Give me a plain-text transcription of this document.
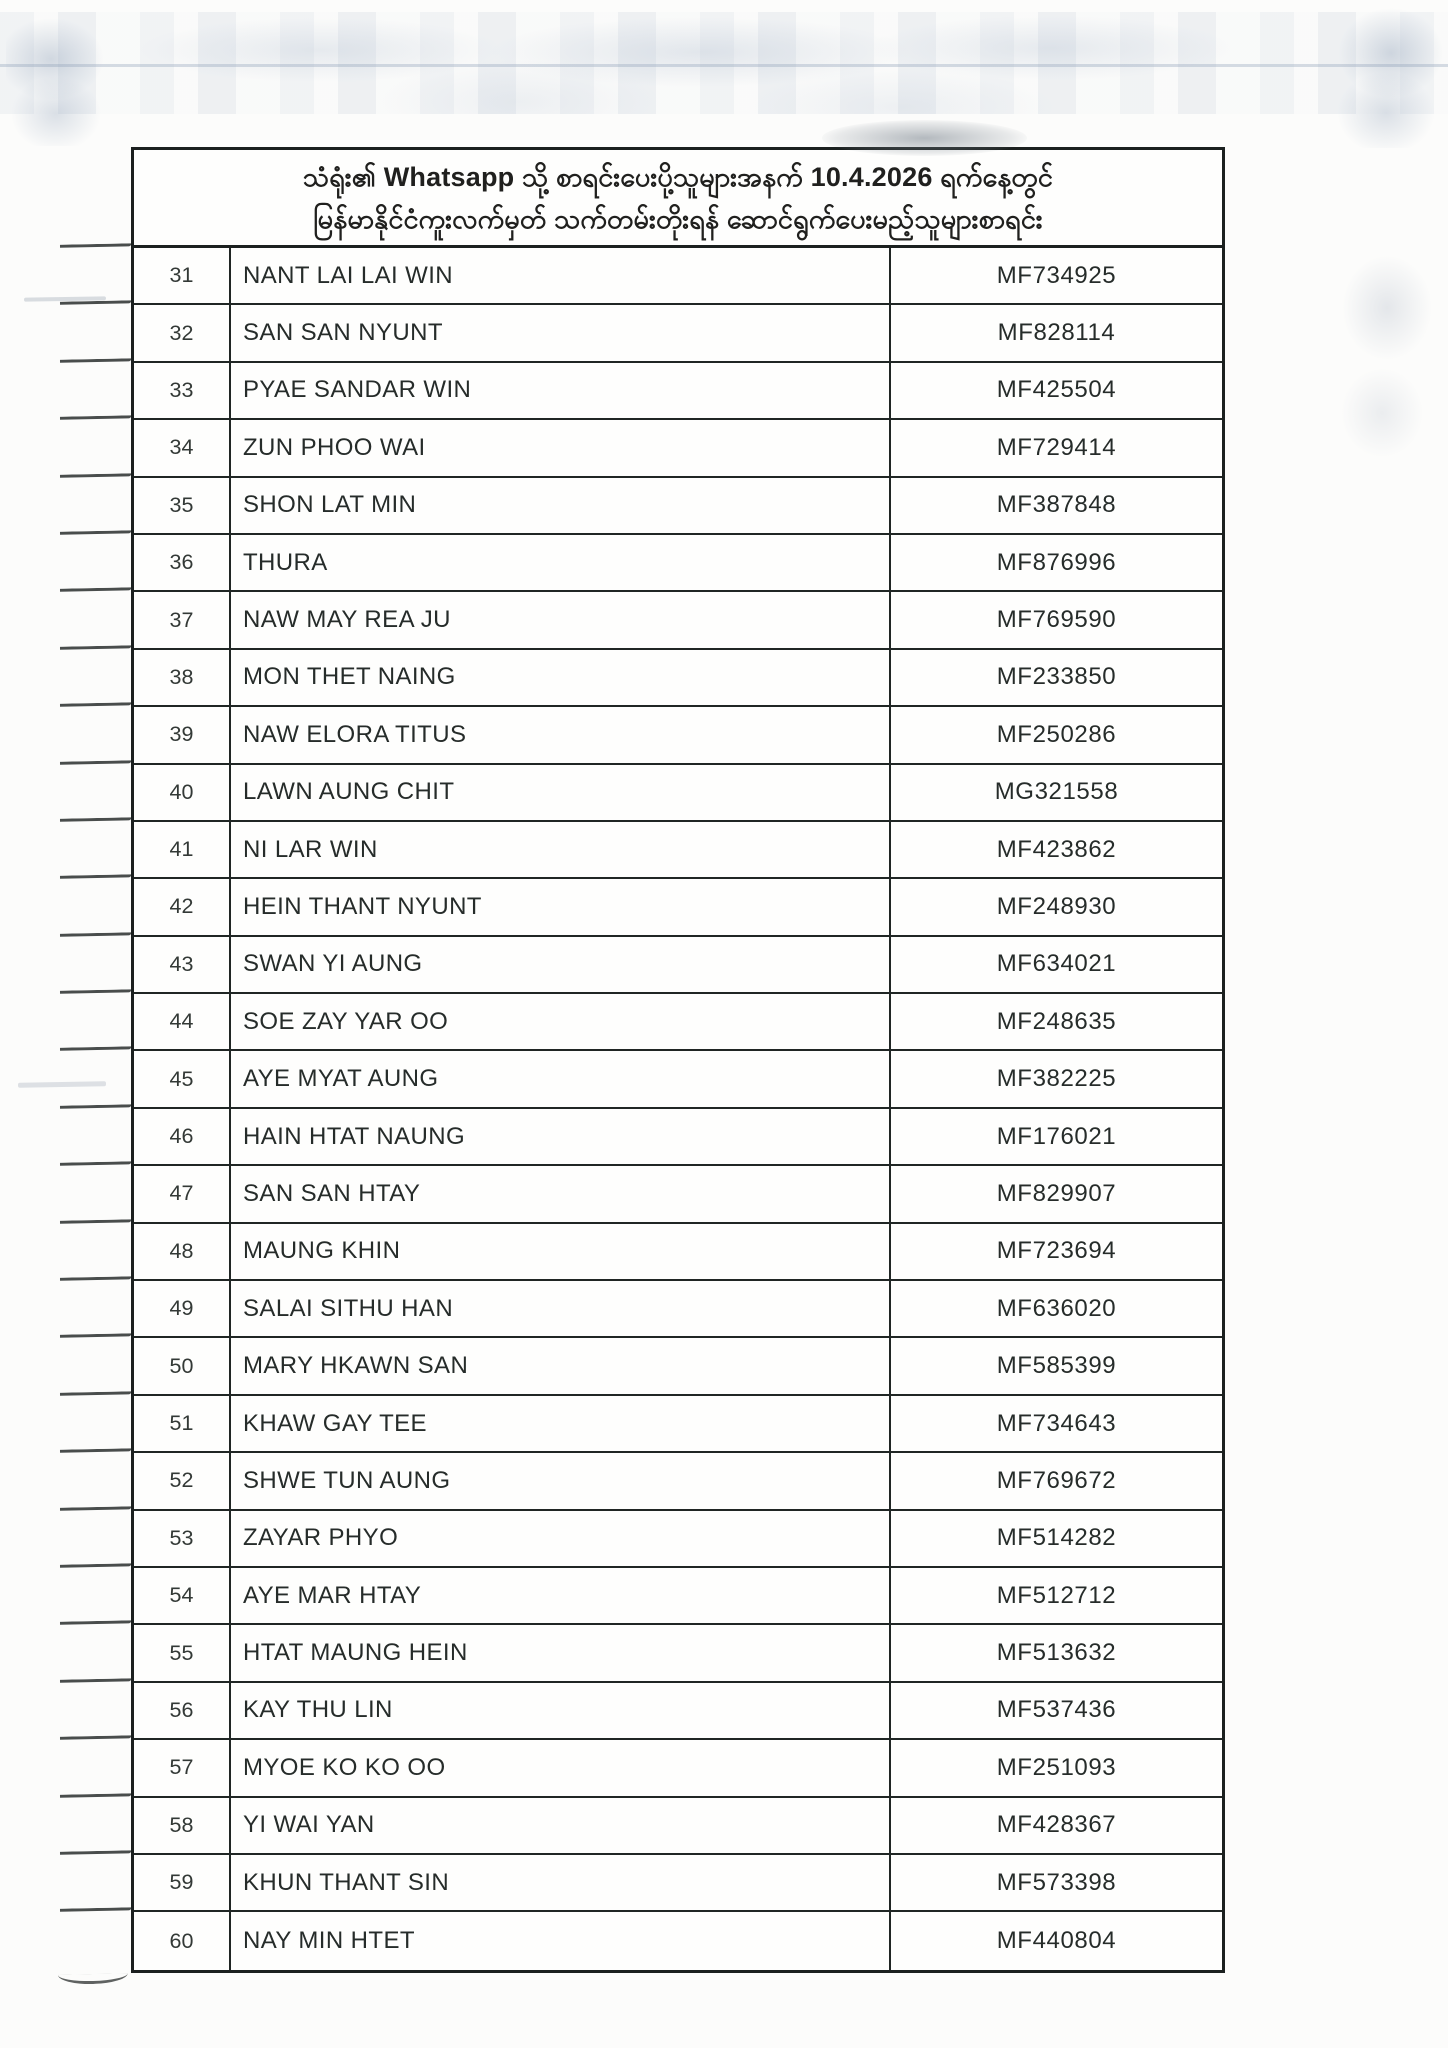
သံရုံး၏ Whatsapp သို့ စာရင်းပေးပို့သူများအနက် 10.4.2026 ရက်နေ့တွင်
မြန်မာနိုင်ငံကူးလက်မှတ် သက်တမ်းတိုးရန် ဆောင်ရွက်ပေးမည့်သူများစာရင်း
31	NANT LAI LAI WIN	MF734925
32	SAN SAN NYUNT	MF828114
33	PYAE SANDAR WIN	MF425504
34	ZUN PHOO WAI	MF729414
35	SHON LAT MIN	MF387848
36	THURA	MF876996
37	NAW MAY REA JU	MF769590
38	MON THET NAING	MF233850
39	NAW ELORA TITUS	MF250286
40	LAWN AUNG CHIT	MG321558
41	NI LAR WIN	MF423862
42	HEIN THANT NYUNT	MF248930
43	SWAN YI AUNG	MF634021
44	SOE ZAY YAR OO	MF248635
45	AYE MYAT AUNG	MF382225
46	HAIN HTAT NAUNG	MF176021
47	SAN SAN HTAY	MF829907
48	MAUNG KHIN	MF723694
49	SALAI SITHU HAN	MF636020
50	MARY HKAWN SAN	MF585399
51	KHAW GAY TEE	MF734643
52	SHWE TUN AUNG	MF769672
53	ZAYAR PHYO	MF514282
54	AYE MAR HTAY	MF512712
55	HTAT MAUNG HEIN	MF513632
56	KAY THU LIN	MF537436
57	MYOE KO KO OO	MF251093
58	YI WAI YAN	MF428367
59	KHUN THANT SIN	MF573398
60	NAY MIN HTET	MF440804
